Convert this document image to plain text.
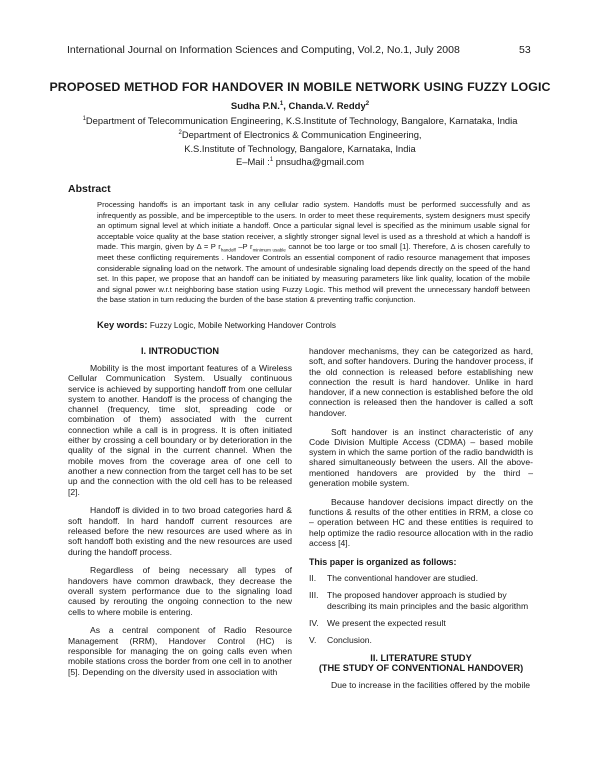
International Journal on Information Sciences and Computing, Vol.2, No.1, July 2008	53
PROPOSED METHOD FOR HANDOVER IN MOBILE NETWORK USING FUZZY LOGIC
Sudha P.N.$^1$, Chanda.V. Reddy$^2$
$^1$Department of Telecommunication Engineering, K.S.Institute of Technology, Bangalore, Karnataka, India
$^2$Department of Electronics & Communication Engineering,
K.S.Institute of Technology, Bangalore, Karnataka, India
E–Mail :$^1$ pnsudha@gmail.com
Abstract

Processing handoffs is an important task in any cellular radio system. Handoffs must be performed successfully and as infrequently as possible, and be imperceptible to the users. In order to meet these requirements, system designers must specify an optimum signal level at which initiate a handoff. Once a particular signal level is specified as the minimum usable signal for acceptable voice quality at the base station receiver, a slightly stronger signal level is used as a threshold at which a handoff is made. This margin, given by Δ = P $r_{handoff}$ –P $r_{minimum usable}$ cannot be too large or too small [1]. Therefore, Δ is chosen carefully to meet these conflicting requirements . Handover Controls an essential component of radio resource management that imposes considerable signaling load on the network. The amount of undesirable signaling load depends directly on the speed of the hand set. In this paper, we propose that an handoff can be initiated by measuring parameters like link quality, location of the mobile and signal power w.r.t neighboring base station using Fuzzy Logic. This method will prevent the unnecessary handoff between the base station in turn reducing the burden of the base station & preventing traffic conjunction.

Key words: Fuzzy Logic, Mobile Networking Handover Controls
I. INTRODUCTION

Mobility is the most important features of a Wireless Cellular Communication System. Usually continuous service is achieved by supporting handoff from one cellular system to another. Handoff is the process of changing the channel (frequency, time slot, spreading code or combination of them) associated with the current connection while a call is in progress. It is often initiated either by crossing a cell boundary or by deterioration in the quality of the signal in the current channel. When the mobile moves from the coverage area of one cell to another a new connection from the target cell has to be set up and the connection with the old cell has to be released [2].

Handoff is divided in to two broad categories hard & soft handoff. In hard handoff current resources are released before the new resources are used where as in soft handoff both existing and the new resources are used during the handoff process.

Regardless of being necessary all types of handovers have common drawback, they decrease the overall system performance due to the signaling load caused by rerouting the ongoing connection to the new cells to where mobile is entering.

As a central component of Radio Resource Management (RRM), Handover Control (HC) is responsible for managing the on going calls even when mobile stations cross the border from one cell in to another [5]. Depending on the diversity used in association with

handover mechanisms, they can be categorized as hard, soft, and softer handovers. During the handover process, if the old connection is released before establishing new connection the result is hard handover. Unlike in hard handover, if a new connection is established before the old connection is released then the handover is called a soft handover.

Soft handover is an instinct characteristic of any Code Division Multiple Access (CDMA) – based mobile system in which the same portion of the radio bandwidth is shared simultaneously between the users. All the above-mentioned handovers are provided by the third – generation mobile system.

Because handover decisions impact directly on the functions & results of the other entities in RRM, a close co – operation between HC and these entities is required to help optimize the radio resource allocation with in the radio access [4].

This paper is organized as follows:
II.	The conventional handover are studied.
III. The proposed handover approach is studied by describing its main principles and the basic algorithm
IV. We present the expected result
V.	Conclusion.
II. LITERATURE STUDY
(THE STUDY OF CONVENTIONAL HANDOVER)

Due to increase in the facilities offered by the mobile
